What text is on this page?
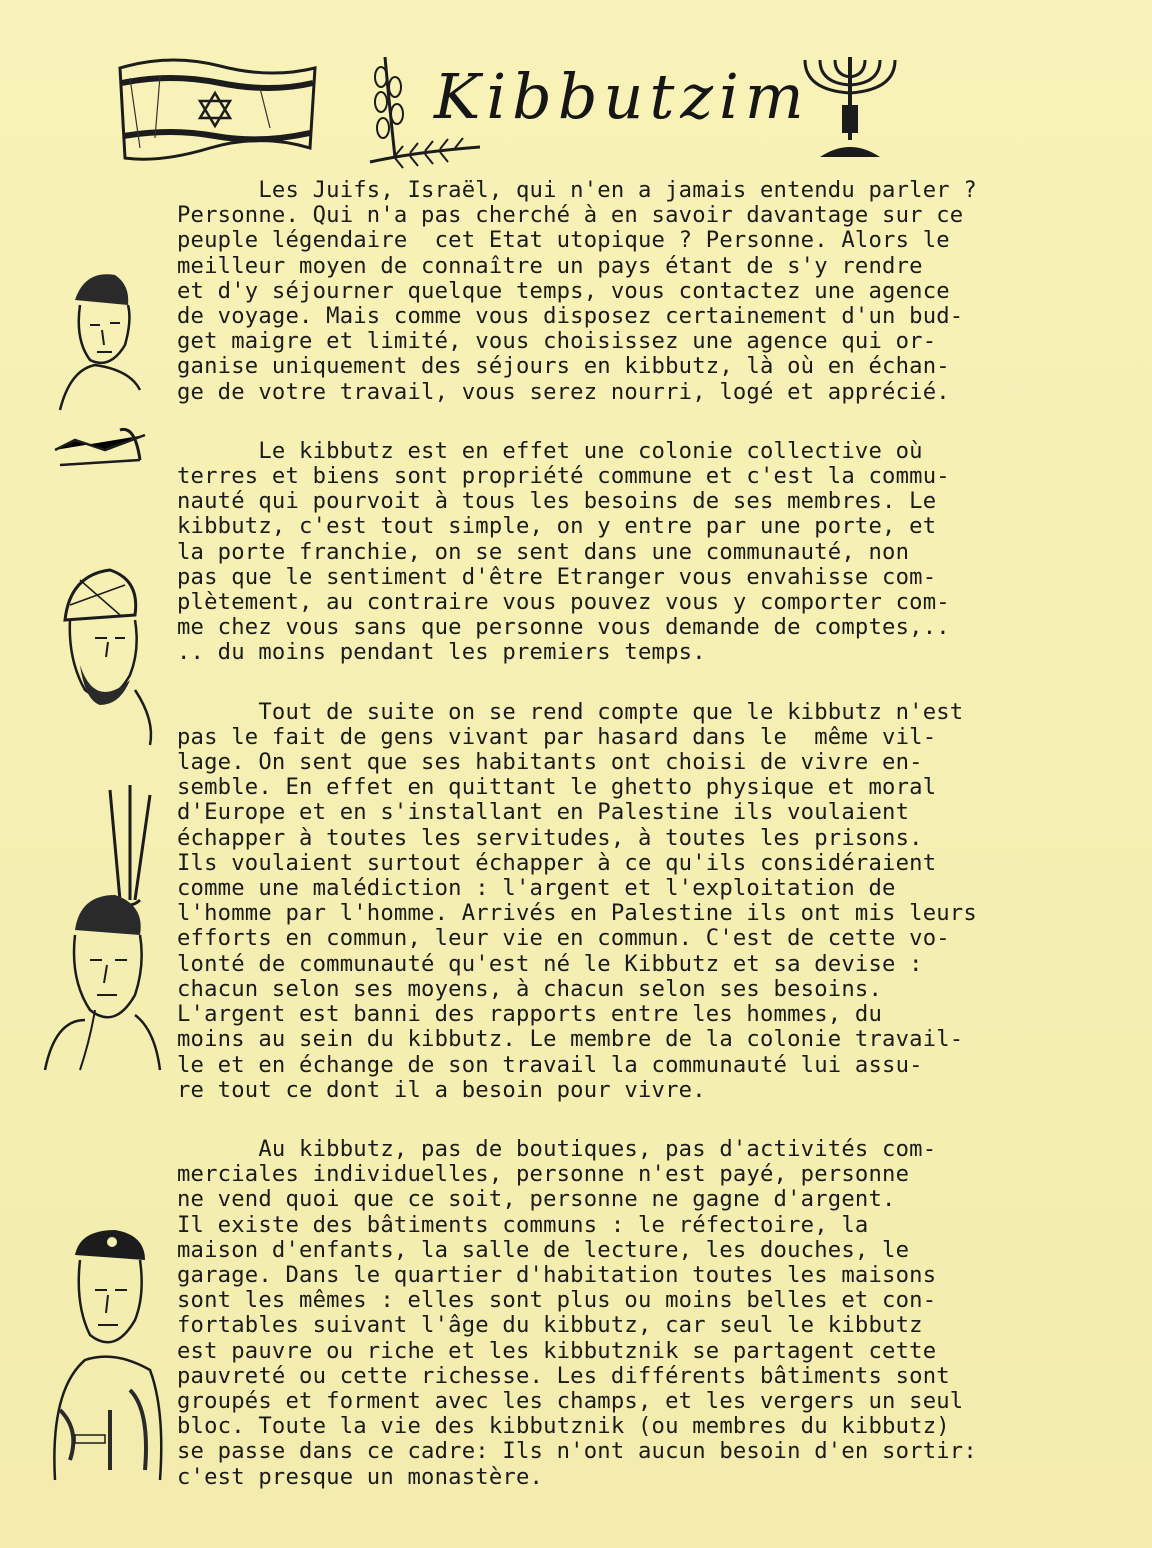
Kibbutzim

Les Juifs, Israël, qui n'en a jamais entendu parler ?
Personne. Qui n'a pas cherché à en savoir davantage sur ce
peuple légendaire  cet Etat utopique ? Personne. Alors le
meilleur moyen de connaître un pays étant de s'y rendre
et d'y séjourner quelque temps, vous contactez une agence
de voyage. Mais comme vous disposez certainement d'un bud-
get maigre et limité, vous choisissez une agence qui or-
ganise uniquement des séjours en kibbutz, là où en échan-
ge de votre travail, vous serez nourri, logé et apprécié.

Le kibbutz est en effet une colonie collective où
terres et biens sont propriété commune et c'est la commu-
nauté qui pourvoit à tous les besoins de ses membres. Le
kibbutz, c'est tout simple, on y entre par une porte, et
la porte franchie, on se sent dans une communauté, non
pas que le sentiment d'être Etranger vous envahisse com-
plètement, au contraire vous pouvez vous y comporter com-
me chez vous sans que personne vous demande de comptes,..
.. du moins pendant les premiers temps.

Tout de suite on se rend compte que le kibbutz n'est
pas le fait de gens vivant par hasard dans le  même vil-
lage. On sent que ses habitants ont choisi de vivre en-
semble. En effet en quittant le ghetto physique et moral
d'Europe et en s'installant en Palestine ils voulaient
échapper à toutes les servitudes, à toutes les prisons.
Ils voulaient surtout échapper à ce qu'ils considéraient
comme une malédiction : l'argent et l'exploitation de
l'homme par l'homme. Arrivés en Palestine ils ont mis leurs
efforts en commun, leur vie en commun. C'est de cette vo-
lonté de communauté qu'est né le Kibbutz et sa devise :
chacun selon ses moyens, à chacun selon ses besoins.
L'argent est banni des rapports entre les hommes, du
moins au sein du kibbutz. Le membre de la colonie travail-
le et en échange de son travail la communauté lui assu-
re tout ce dont il a besoin pour vivre.

Au kibbutz, pas de boutiques, pas d'activités com-
merciales individuelles, personne n'est payé, personne
ne vend quoi que ce soit, personne ne gagne d'argent.
Il existe des bâtiments communs : le réfectoire, la
maison d'enfants, la salle de lecture, les douches, le
garage. Dans le quartier d'habitation toutes les maisons
sont les mêmes : elles sont plus ou moins belles et con-
fortables suivant l'âge du kibbutz, car seul le kibbutz
est pauvre ou riche et les kibbutznik se partagent cette
pauvreté ou cette richesse. Les différents bâtiments sont
groupés et forment avec les champs, et les vergers un seul
bloc. Toute la vie des kibbutznik (ou membres du kibbutz)
se passe dans ce cadre: Ils n'ont aucun besoin d'en sortir:
c'est presque un monastère.
